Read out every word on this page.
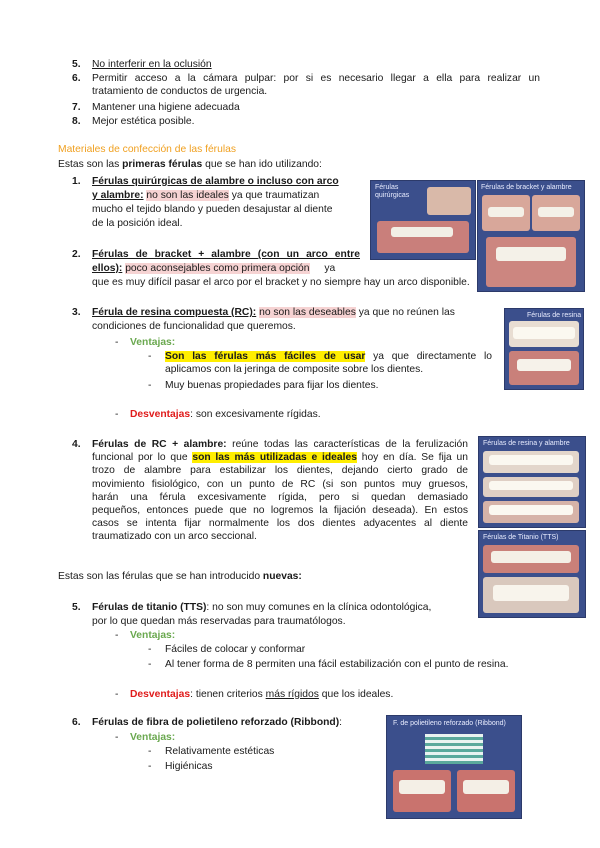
5. No interferir en la oclusión
6. Permitir acceso a la cámara pulpar: por si es necesario llegar a ella para realizar un
tratamiento de conductos de urgencia.
7. Mantener una higiene adecuada
8. Mejor estética posible.
Materiales de confección de las férulas
Estas son las primeras férulas que se han ido utilizando:
1. Férulas quirúrgicas de alambre o incluso con arco
y alambre: no son las ideales ya que traumatizan
mucho el tejido blando y pueden desajustar al diente
de la posición ideal.
Férulas quirúrgicas
Férulas de bracket y alambre
2. Férulas de bracket + alambre (con un arco entre
ellos): poco aconsejables como primera opción ya
que es muy difícil pasar el arco por el bracket y no siempre hay un arco disponible.
3. Férula de resina compuesta (RC): no son las deseables ya que no reúnen las
condiciones de funcionalidad que queremos.
- Ventajas:
- Son las férulas más fáciles de usar ya que directamente lo
aplicamos con la jeringa de composite sobre los dientes.
- Muy buenas propiedades para fijar los dientes.
- Desventajas: son excesivamente rígidas.
Férulas de resina
4. Férulas de RC + alambre: reúne todas las características de la ferulización
funcional por lo que son las más utilizadas e ideales hoy en día. Se fija un
trozo de alambre para estabilizar los dientes, dejando cierto grado de
movimiento fisiológico, con un punto de RC (si son puntos muy gruesos,
harán una férula excesivamente rígida, pero si quedan demasiado
pequeños, entonces puede que no logremos la fijación deseada). En estos
casos se intenta fijar normalmente los dos dientes adyacentes al diente
traumatizado con un arco seccional.
Férulas de resina y alambre
Férulas de Titanio (TTS)
Estas son las férulas que se han introducido nuevas:
5. Férulas de titanio (TTS): no son muy comunes en la clínica odontológica,
por lo que quedan más reservadas para traumatólogos.
- Ventajas:
- Fáciles de colocar y conformar
- Al tener forma de 8 permiten una fácil estabilización con el punto de resina.
- Desventajas: tienen criterios más rígidos que los ideales.
6. Férulas de fibra de polietileno reforzado (Ribbond):
- Ventajas:
- Relativamente estéticas
- Higiénicas
F. de polietileno reforzado (Ribbond)
